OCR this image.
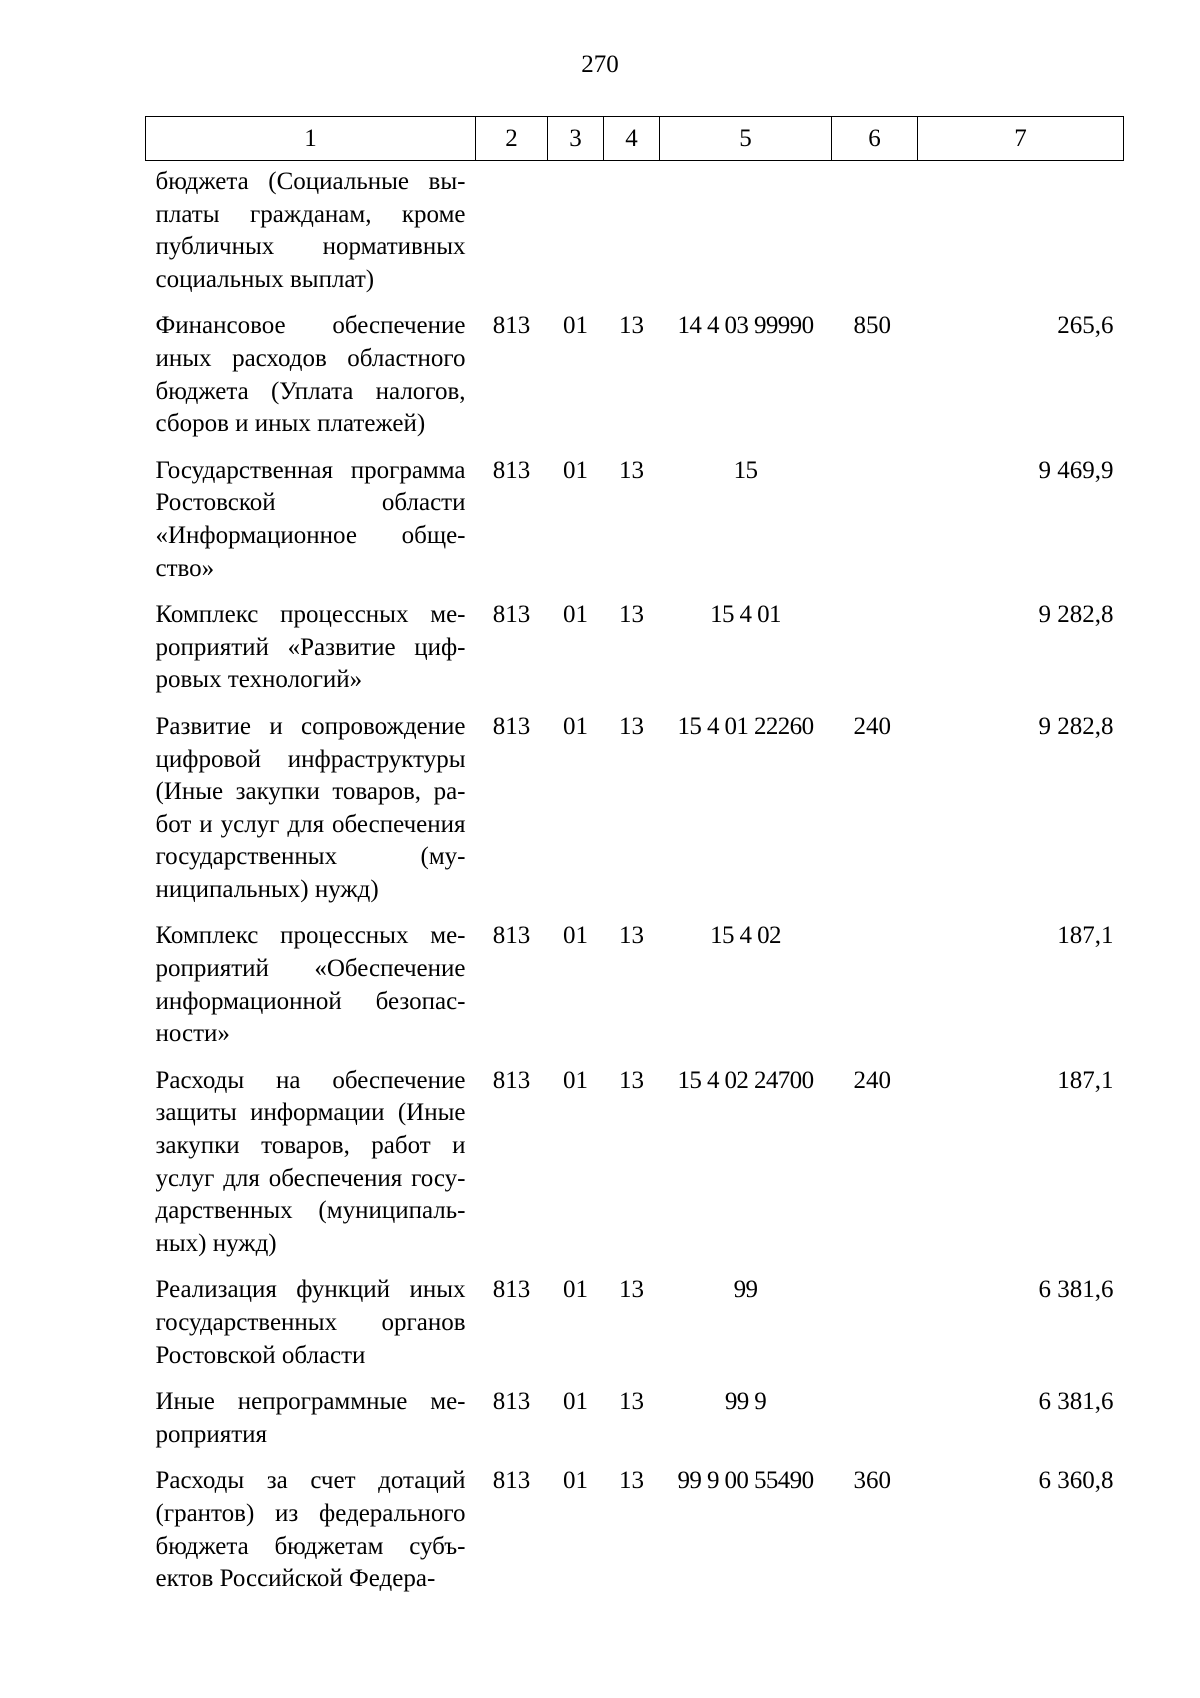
270
1	2	3	4	5	6	7
бюджета (Социальные выплаты гражданам, кроме публичных нормативных социальных выплат)						
Финансовое обеспечение иных расходов областного бюджета (Уплата налогов, сборов и иных платежей)	813	01	13	14 4 03 99990	850	265,6
Государственная программа Ростовской области «Информационное общество»	813	01	13	15		9 469,9
Комплекс процессных мероприятий «Развитие цифровых технологий»	813	01	13	15 4 01		9 282,8
Развитие и сопровождение цифровой инфраструктуры (Иные закупки товаров, работ и услуг для обеспечения государственных (муниципальных) нужд)	813	01	13	15 4 01 22260	240	9 282,8
Комплекс процессных мероприятий «Обеспечение информационной безопасности»	813	01	13	15 4 02		187,1
Расходы на обеспечение защиты информации (Иные закупки товаров, работ и услуг для обеспечения государственных (муниципальных) нужд)	813	01	13	15 4 02 24700	240	187,1
Реализация функций иных государственных органов Ростовской области	813	01	13	99		6 381,6
Иные непрограммные мероприятия	813	01	13	99 9		6 381,6
Расходы за счет дотаций (грантов) из федерального бюджета бюджетам субъектов Российской Федера-	813	01	13	99 9 00 55490	360	6 360,8
